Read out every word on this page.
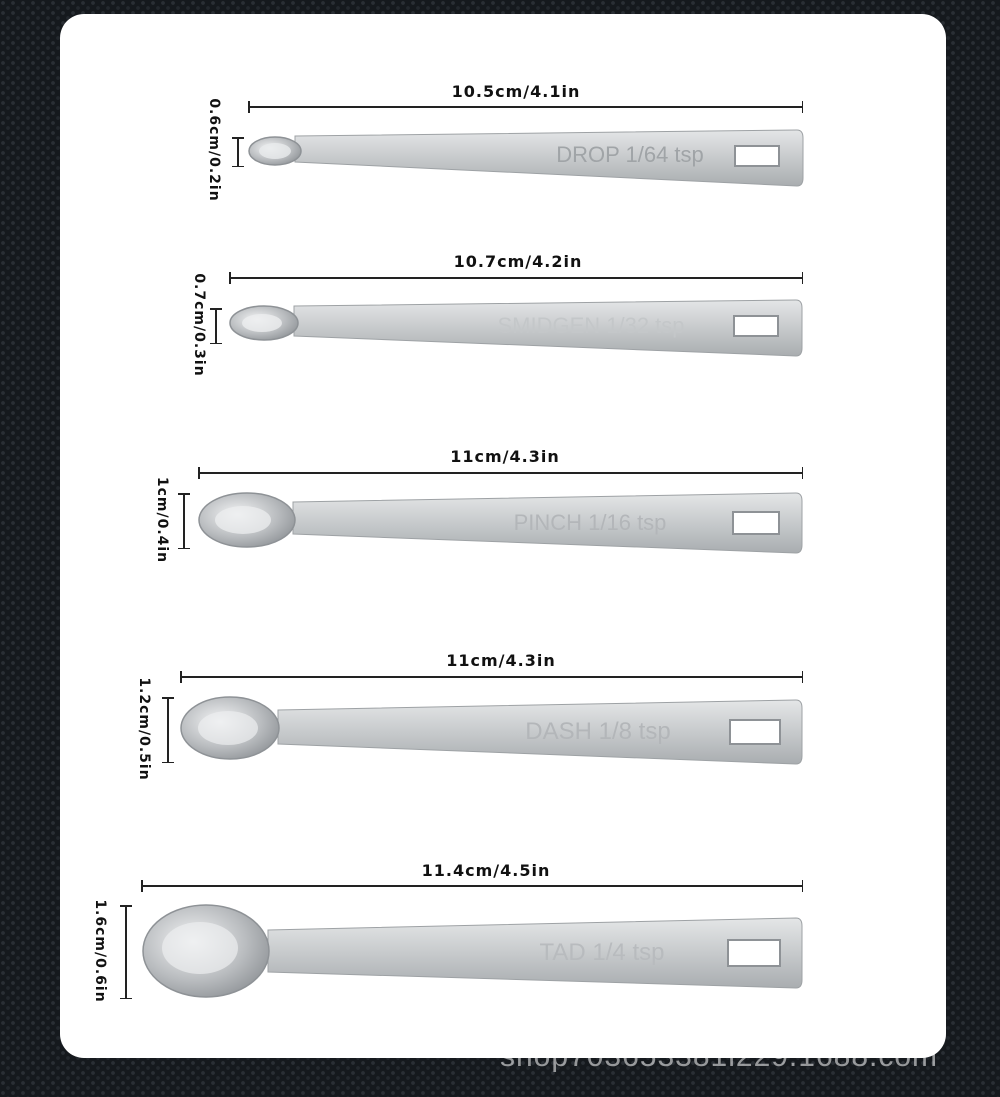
10.5cm/4.1in
0.6cm/0.2in	DROP 1/64 tsp
10.7cm/4.2in
0.7cm/0.3in	SMIDGEN 1/32 tsp
11cm/4.3in
1cm/0.4in	PINCH 1/16 tsp
11cm/4.3in
1.2cm/0.5in	DASH 1/8 tsp
11.4cm/4.5in
1.6cm/0.6in	TAD 1/4 tsp
shop703653381i229.1688.com
